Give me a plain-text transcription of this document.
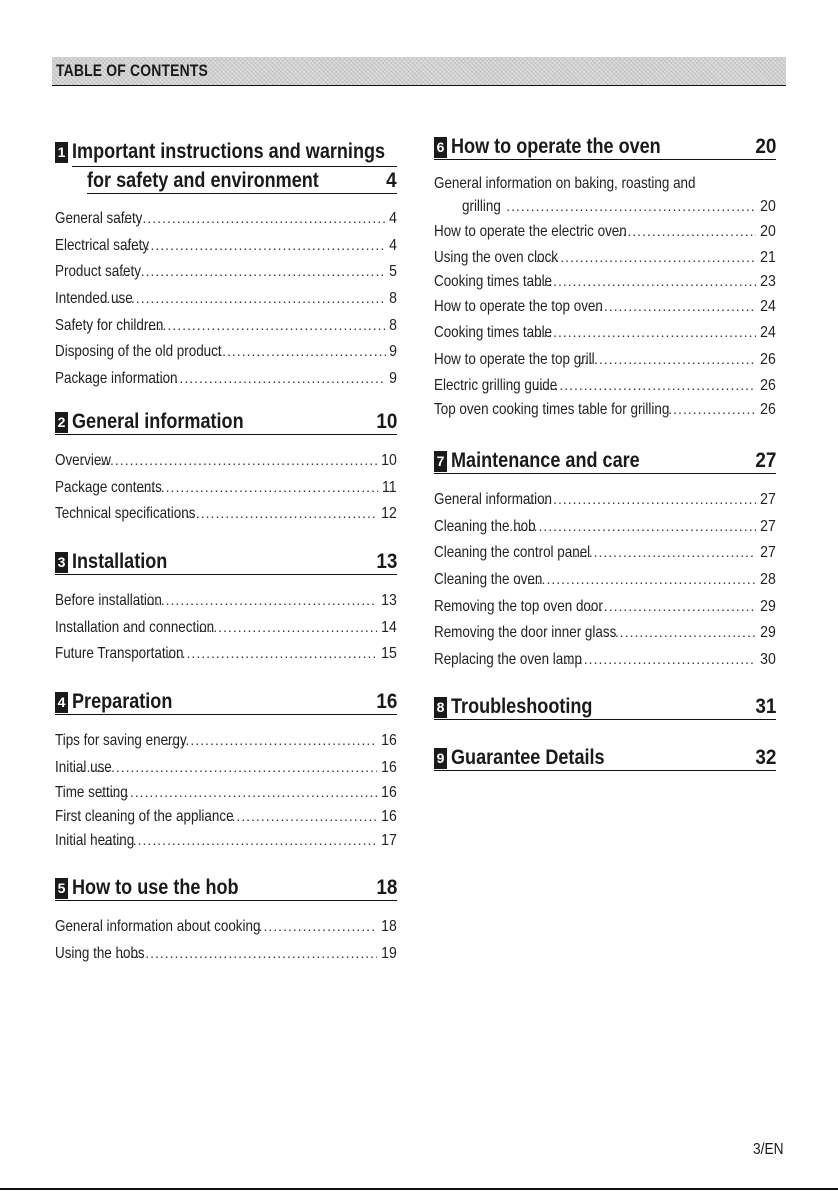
TABLE OF CONTENTS
1 Important instructions and warnings
for safety and environment	4
General safety .....	4
Electrical safety .....	4
Product safety .....	5
Intended use .....	8
Safety for children .....	8
Disposing of the old product .....	9
Package information .....	9
2 General information	10
Overview .....	10
Package contents .....	11
Technical specifications .....	12
3 Installation	13
Before installation .....	13
Installation and connection .....	14
Future Transportation .....	15
4 Preparation	16
Tips for saving energy .....	16
Initial use .....	16
Time setting .....	16
First cleaning of the appliance .....	16
Initial heating .....	17
5 How to use the hob	18
General information about cooking .....	18
Using the hobs .....	19
6 How to operate the oven	20
General information on baking, roasting and
grilling .....	20
How to operate the electric oven .....	20
Using the oven clock .....	21
Cooking times table .....	23
How to operate the top oven .....	24
Cooking times table .....	24
How to operate the top grill .....	26
Electric grilling guide .....	26
Top oven cooking times table for grilling .....	26
7 Maintenance and care	27
General information .....	27
Cleaning the hob .....	27
Cleaning the control panel .....	27
Cleaning the oven .....	28
Removing the top oven door .....	29
Removing the door inner glass .....	29
Replacing the oven lamp .....	30
8 Troubleshooting	31
9 Guarantee Details	32
3/EN
